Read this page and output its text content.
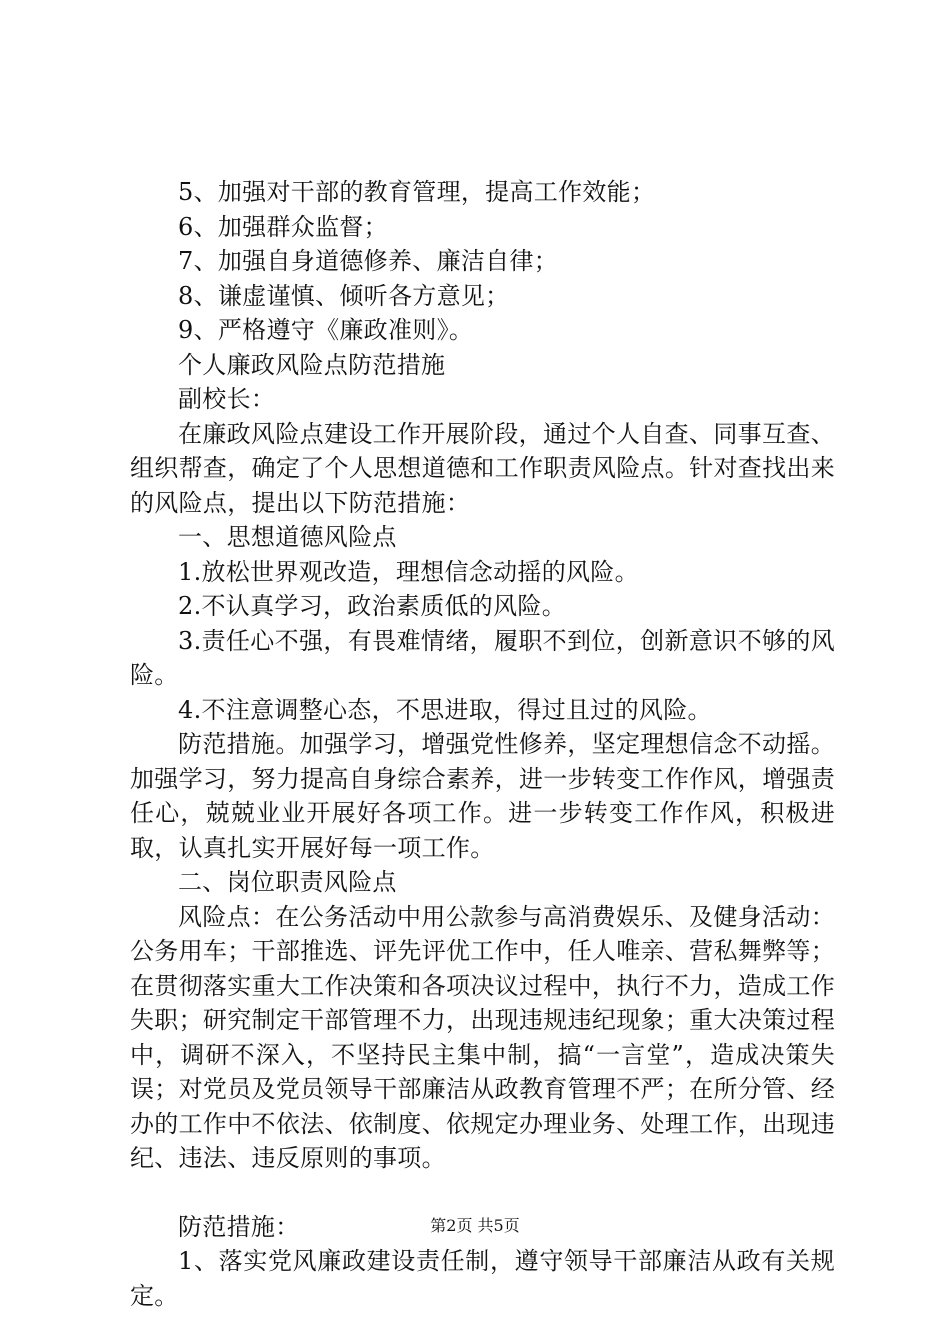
5、加强对干部的教育管理，提高工作效能；

6、加强群众监督；

7、加强自身道德修养、廉洁自律；

8、谦虚谨慎、倾听各方意见；

9、严格遵守《廉政准则》。

个人廉政风险点防范措施

副校长：

在廉政风险点建设工作开展阶段，通过个人自查、同事互查、组织帮查，确定了个人思想道德和工作职责风险点。针对查找出来的风险点，提出以下防范措施：

一、思想道德风险点

1.放松世界观改造，理想信念动摇的风险。

2.不认真学习，政治素质低的风险。

3.责任心不强，有畏难情绪，履职不到位，创新意识不够的风险。

4.不注意调整心态，不思进取，得过且过的风险。

防范措施。加强学习，增强党性修养，坚定理想信念不动摇。加强学习，努力提高自身综合素养，进一步转变工作作风，增强责任心，兢兢业业开展好各项工作。进一步转变工作作风，积极进取，认真扎实开展好每一项工作。

二、岗位职责风险点

风险点：在公务活动中用公款参与高消费娱乐、及健身活动：公务用车；干部推选、评先评优工作中，任人唯亲、营私舞弊等；在贯彻落实重大工作决策和各项决议过程中，执行不力，造成工作失职；研究制定干部管理不力，出现违规违纪现象；重大决策过程中，调研不深入，不坚持民主集中制，搞“一言堂”，造成决策失误；对党员及党员领导干部廉洁从政教育管理不严；在所分管、经办的工作中不依法、依制度、依规定办理业务、处理工作，出现违纪、违法、违反原则的事项。

防范措施：

1、落实党风廉政建设责任制，遵守领导干部廉洁从政有关规定。

第2页 共5页
